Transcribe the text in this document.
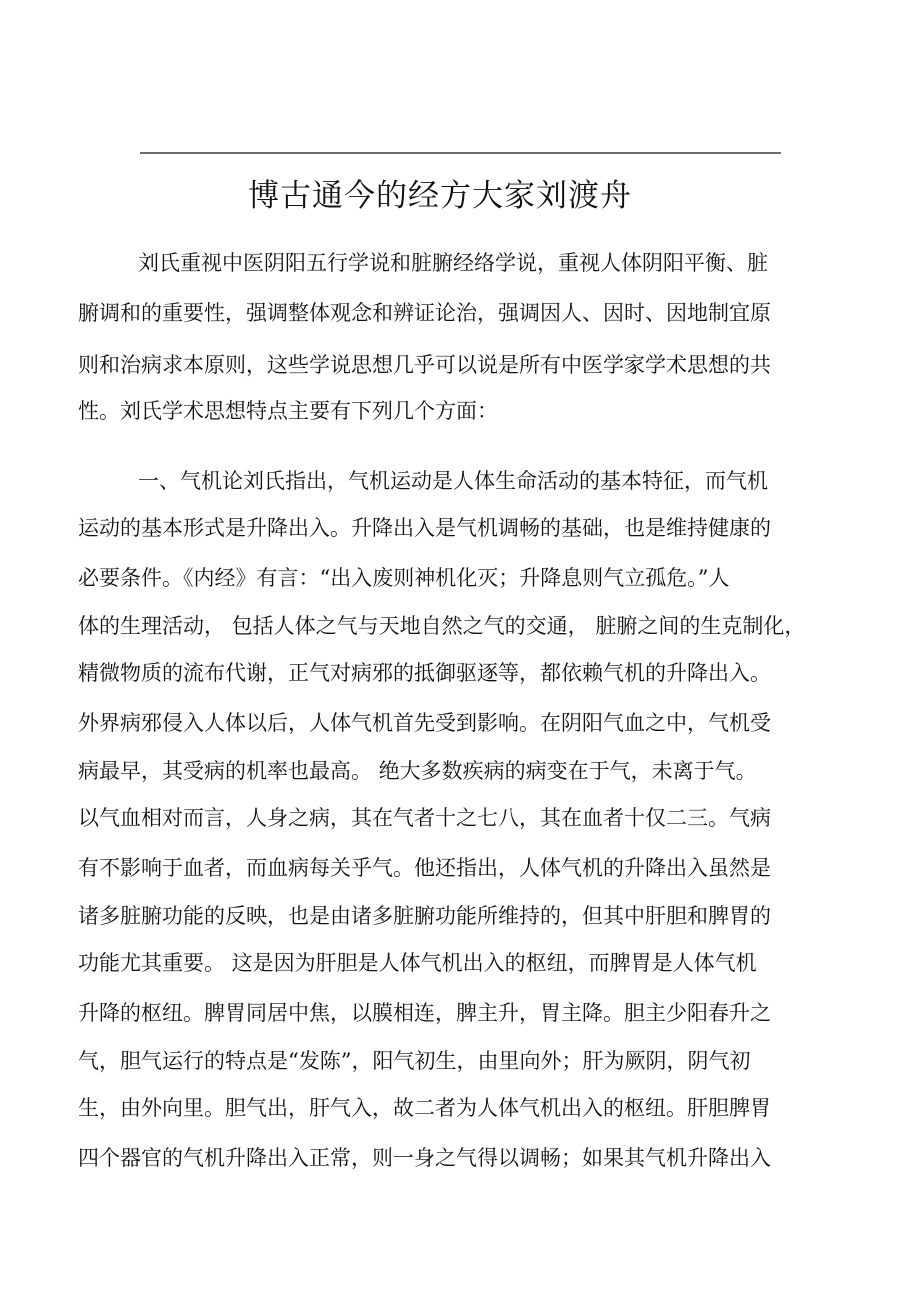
博古通今的经方大家刘渡舟
刘氏重视中医阴阳五行学说和脏腑经络学说，重视人体阴阳平衡、脏
腑调和的重要性，强调整体观念和辨证论治，强调因人、因时、因地制宜原
则和治病求本原则，这些学说思想几乎可以说是所有中医学家学术思想的共
性。刘氏学术思想特点主要有下列几个方面：
一、气机论刘氏指出，气机运动是人体生命活动的基本特征，而气机
运动的基本形式是升降出入。升降出入是气机调畅的基础，也是维持健康的
必要条件。《内经》有言：“出入废则神机化灭；升降息则气立孤危。”人
体的生理活动， 包括人体之气与天地自然之气的交通， 脏腑之间的生克制化，
精微物质的流布代谢，正气对病邪的抵御驱逐等，都依赖气机的升降出入。
外界病邪侵入人体以后，人体气机首先受到影响。在阴阳气血之中，气机受
病最早，其受病的机率也最高。 绝大多数疾病的病变在于气，未离于气。
以气血相对而言，人身之病，其在气者十之七八，其在血者十仅二三。气病
有不影响于血者，而血病每关乎气。他还指出，人体气机的升降出入虽然是
诸多脏腑功能的反映，也是由诸多脏腑功能所维持的，但其中肝胆和脾胃的
功能尤其重要。 这是因为肝胆是人体气机出入的枢纽，而脾胃是人体气机
升降的枢纽。脾胃同居中焦，以膜相连，脾主升，胃主降。胆主少阳春升之
气，胆气运行的特点是“发陈”，阳气初生，由里向外；肝为厥阴，阴气初
生，由外向里。胆气出，肝气入，故二者为人体气机出入的枢纽。肝胆脾胃
四个器官的气机升降出入正常，则一身之气得以调畅；如果其气机升降出入
